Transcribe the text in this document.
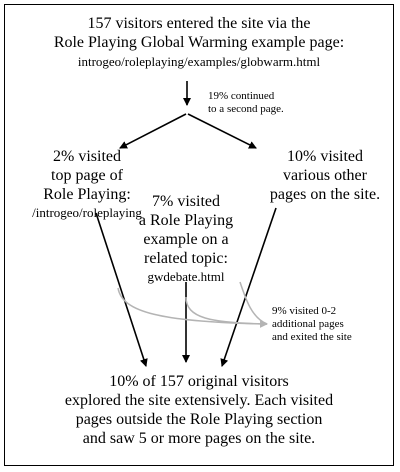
157 visitors entered the site via the
Role Playing Global Warming example page:
introgeo/roleplaying/examples/globwarm.html
19% continued
to a second page.
2% visited
top page of
Role Playing:
/introgeo/roleplaying
10% visited
various other
pages on the site.
7% visited
a Role Playing
example on a
related topic:
gwdebate.html
9% visited 0-2
additional pages
and exited the site
10% of 157 original visitors
explored the site extensively. Each visited
pages outside the Role Playing section
and saw 5 or more pages on the site.
